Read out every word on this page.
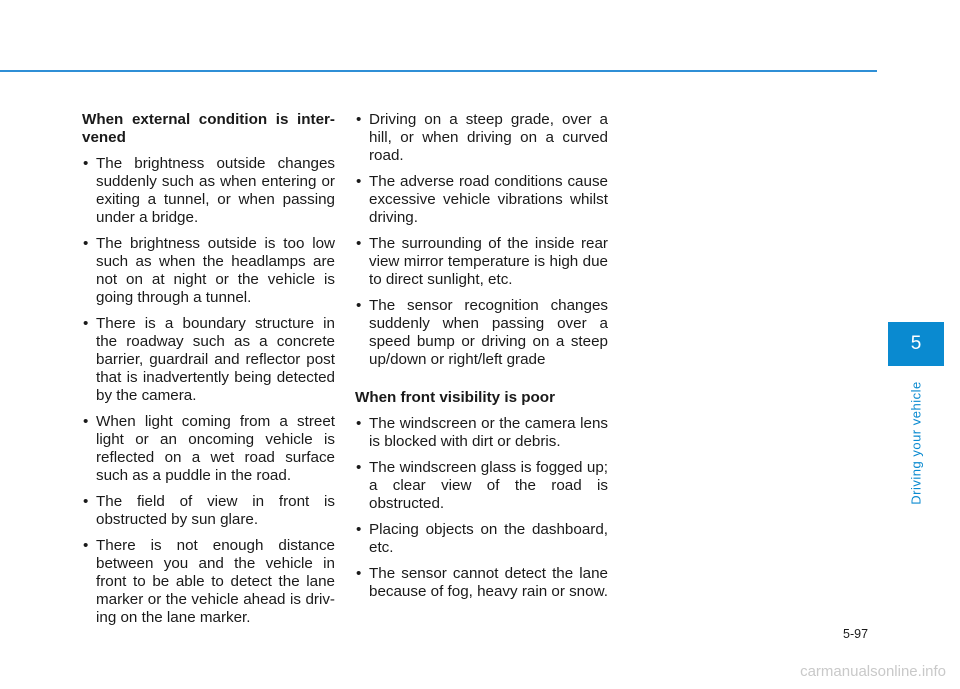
When external condition is inter-vened

• The brightness outside changes suddenly such as when entering or exiting a tunnel, or when passing under a bridge.
• The brightness outside is too low such as when the headlamps are not on at night or the vehicle is going through a tunnel.
• There is a boundary structure in the roadway such as a concrete barrier, guardrail and reflector post that is inadvertently being detected by the camera.
• When light coming from a street light or an oncoming vehicle is reflected on a wet road surface such as a puddle in the road.
• The field of view in front is obstructed by sun glare.
• There is not enough distance between you and the vehicle in front to be able to detect the lane marker or the vehicle ahead is driv-ing on the lane marker.
• Driving on a steep grade, over a hill, or when driving on a curved road.
• The adverse road conditions cause excessive vehicle vibrations whilst driving.
• The surrounding of the inside rear view mirror temperature is high due to direct sunlight, etc.
• The sensor recognition changes suddenly when passing over a speed bump or driving on a steep up/down or right/left grade

When front visibility is poor

• The windscreen or the camera lens is blocked with dirt or debris.
• The windscreen glass is fogged up; a clear view of the road is obstructed.
• Placing objects on the dashboard, etc.
• The sensor cannot detect the lane because of fog, heavy rain or snow.
5
Driving your vehicle
5-97
carmanualsonline.info
